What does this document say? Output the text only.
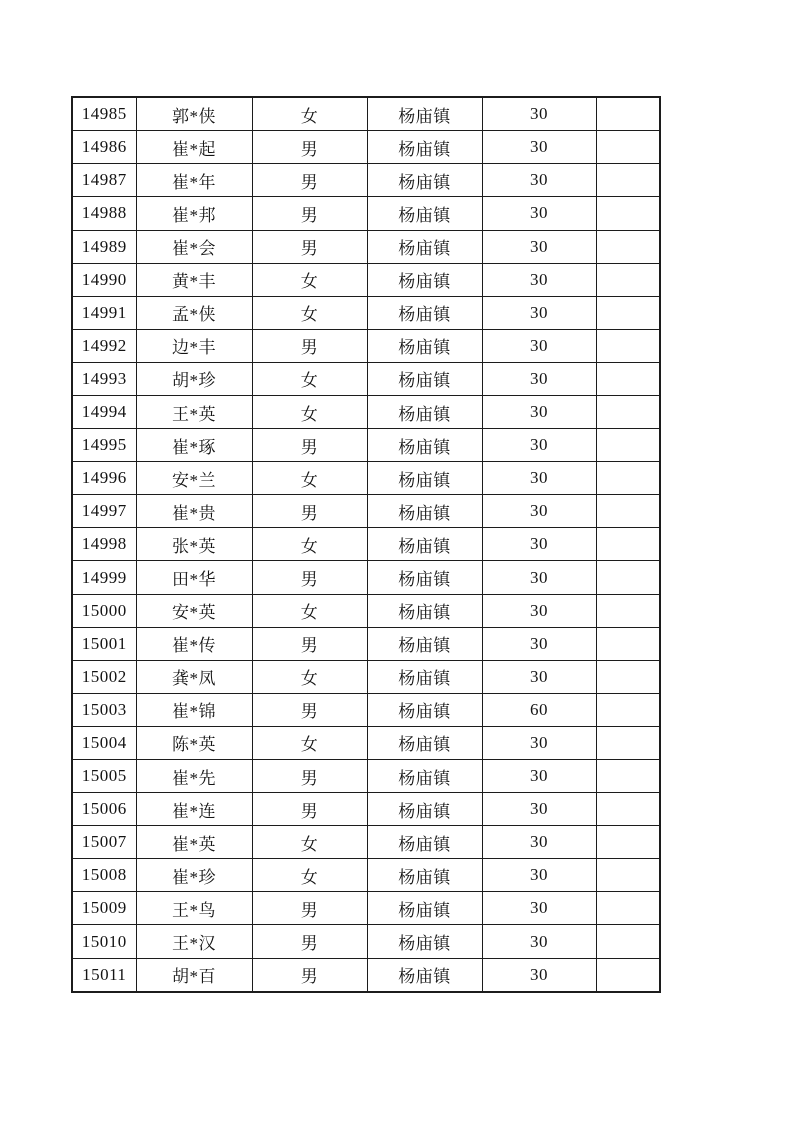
14985	郭*侠	女	杨庙镇	30	
14986	崔*起	男	杨庙镇	30	
14987	崔*年	男	杨庙镇	30	
14988	崔*邦	男	杨庙镇	30	
14989	崔*会	男	杨庙镇	30	
14990	黄*丰	女	杨庙镇	30	
14991	孟*侠	女	杨庙镇	30	
14992	边*丰	男	杨庙镇	30	
14993	胡*珍	女	杨庙镇	30	
14994	王*英	女	杨庙镇	30	
14995	崔*琢	男	杨庙镇	30	
14996	安*兰	女	杨庙镇	30	
14997	崔*贵	男	杨庙镇	30	
14998	张*英	女	杨庙镇	30	
14999	田*华	男	杨庙镇	30	
15000	安*英	女	杨庙镇	30	
15001	崔*传	男	杨庙镇	30	
15002	龚*凤	女	杨庙镇	30	
15003	崔*锦	男	杨庙镇	60	
15004	陈*英	女	杨庙镇	30	
15005	崔*先	男	杨庙镇	30	
15006	崔*连	男	杨庙镇	30	
15007	崔*英	女	杨庙镇	30	
15008	崔*珍	女	杨庙镇	30	
15009	王*鸟	男	杨庙镇	30	
15010	王*汉	男	杨庙镇	30	
15011	胡*百	男	杨庙镇	30	
